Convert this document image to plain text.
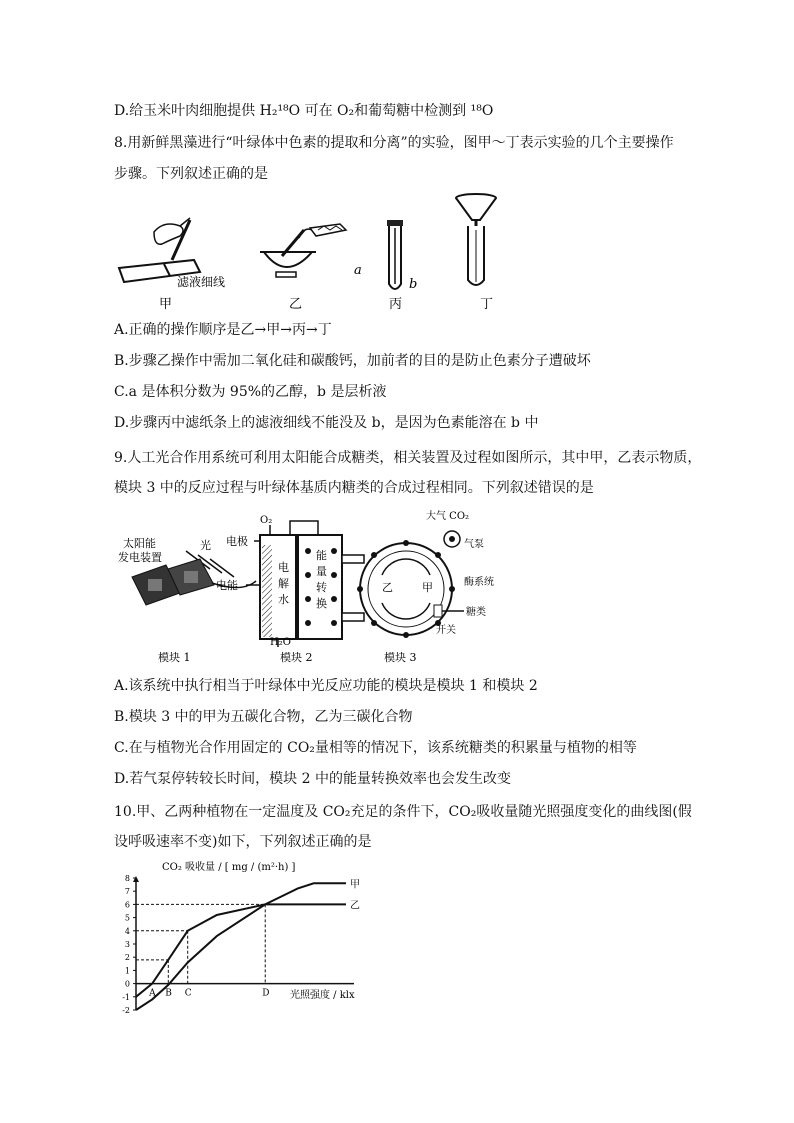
D.给玉米叶肉细胞提供 H₂¹⁸O 可在 O₂和葡萄糖中检测到 ¹⁸O
8.用新鲜黑藻进行“叶绿体中色素的提取和分离”的实验，图甲～丁表示实验的几个主要操作
步骤。下列叙述正确的是
滤液细线
甲
a
乙
b
丙	丁
A.正确的操作顺序是乙→甲→丙→丁
B.步骤乙操作中需加二氧化硅和碳酸钙，加前者的目的是防止色素分子遭破坏
C.a 是体积分数为 95%的乙醇，b 是层析液
D.步骤丙中滤纸条上的滤液细线不能没及 b，是因为色素能溶在 b 中
9.人工光合作用系统可利用太阳能合成糖类，相关装置及过程如图所示，其中甲，乙表示物质，
模块 3 中的反应过程与叶绿体基质内糖类的合成过程相同。下列叙述错误的是
太阳能
发电装置
光
电能
模块 1
电极
O₂
电
解
水
能
量
转
换
H₂O
模块 2
乙	甲
大气 CO₂
气泵
酶系统
糖类
开关
模块 3
A.该系统中执行相当于叶绿体中光反应功能的模块是模块 1 和模块 2
B.模块 3 中的甲为五碳化合物，乙为三碳化合物
C.在与植物光合作用固定的 CO₂量相等的情况下，该系统糖类的积累量与植物的相等
D.若气泵停转较长时间，模块 2 中的能量转换效率也会发生改变
10.甲、乙两种植物在一定温度及 CO₂充足的条件下，CO₂吸收量随光照强度变化的曲线图(假
设呼吸速率不变)如下，下列叙述正确的是
CO₂ 吸收量 / [ mg / (m²·h) ]
光照强度 / klx
-2
-1
0
1
2
3
4
5
6
7
8
A B C	D
甲
乙
